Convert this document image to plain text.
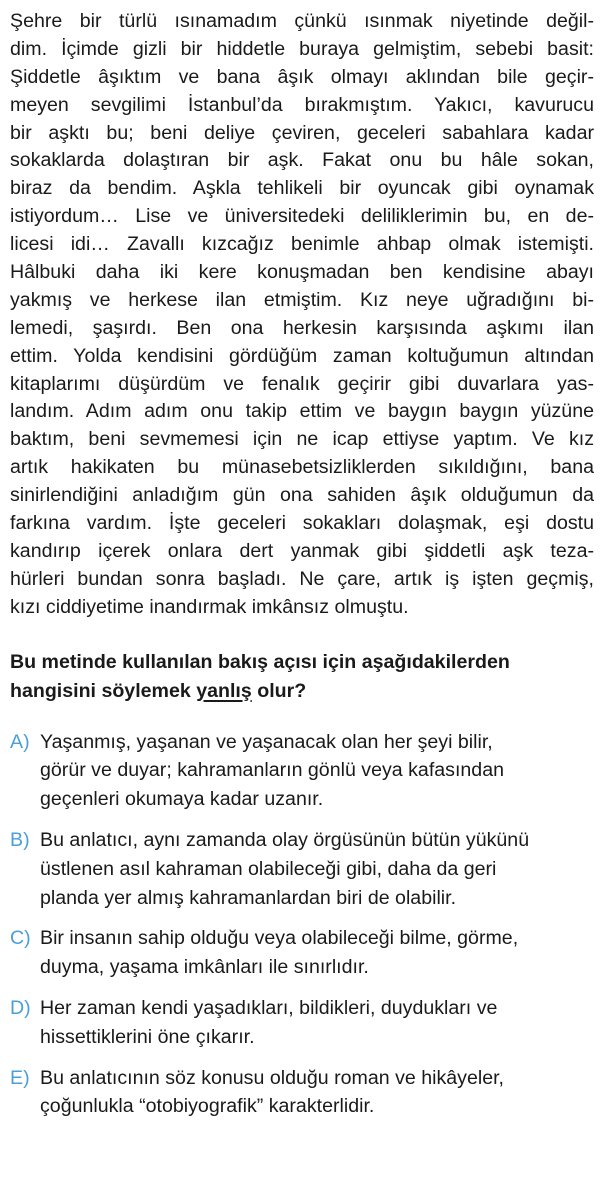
Şehre bir türlü ısınamadım çünkü ısınmak niyetinde değil-
dim. İçimde gizli bir hiddetle buraya gelmiştim, sebebi basit:
Şiddetle âşıktım ve bana âşık olmayı aklından bile geçir-
meyen sevgilimi İstanbul’da bırakmıştım. Yakıcı, kavurucu
bir aşktı bu; beni deliye çeviren, geceleri sabahlara kadar
sokaklarda dolaştıran bir aşk. Fakat onu bu hâle sokan,
biraz da bendim. Aşkla tehlikeli bir oyuncak gibi oynamak
istiyordum… Lise ve üniversitedeki deliliklerimin bu, en de-
licesi idi… Zavallı kızcağız benimle ahbap olmak istemişti.
Hâlbuki daha iki kere konuşmadan ben kendisine abayı
yakmış ve herkese ilan etmiştim. Kız neye uğradığını bi-
lemedi, şaşırdı. Ben ona herkesin karşısında aşkımı ilan
ettim. Yolda kendisini gördüğüm zaman koltuğumun altından
kitaplarımı düşürdüm ve fenalık geçirir gibi duvarlara yas-
landım. Adım adım onu takip ettim ve baygın baygın yüzüne
baktım, beni sevmemesi için ne icap ettiyse yaptım. Ve kız
artık hakikaten bu münasebetsizliklerden sıkıldığını, bana
sinirlendiğini anladığım gün ona sahiden âşık olduğumun da
farkına vardım. İşte geceleri sokakları dolaşmak, eşi dostu
kandırıp içerek onlara dert yanmak gibi şiddetli aşk teza-
hürleri bundan sonra başladı. Ne çare, artık iş işten geçmiş,
kızı ciddiyetime inandırmak imkânsız olmuştu.
Bu metinde kullanılan bakış açısı için aşağıdakilerden
hangisini söylemek yanlış olur?
A) Yaşanmış, yaşanan ve yaşanacak olan her şeyi bilir,
görür ve duyar; kahramanların gönlü veya kafasından
geçenleri okumaya kadar uzanır.
B) Bu anlatıcı, aynı zamanda olay örgüsünün bütün yükünü
üstlenen asıl kahraman olabileceği gibi, daha da geri
planda yer almış kahramanlardan biri de olabilir.
C) Bir insanın sahip olduğu veya olabileceği bilme, görme,
duyma, yaşama imkânları ile sınırlıdır.
D) Her zaman kendi yaşadıkları, bildikleri, duydukları ve
hissettiklerini öne çıkarır.
E) Bu anlatıcının söz konusu olduğu roman ve hikâyeler,
çoğunlukla “otobiyografik” karakterlidir.
